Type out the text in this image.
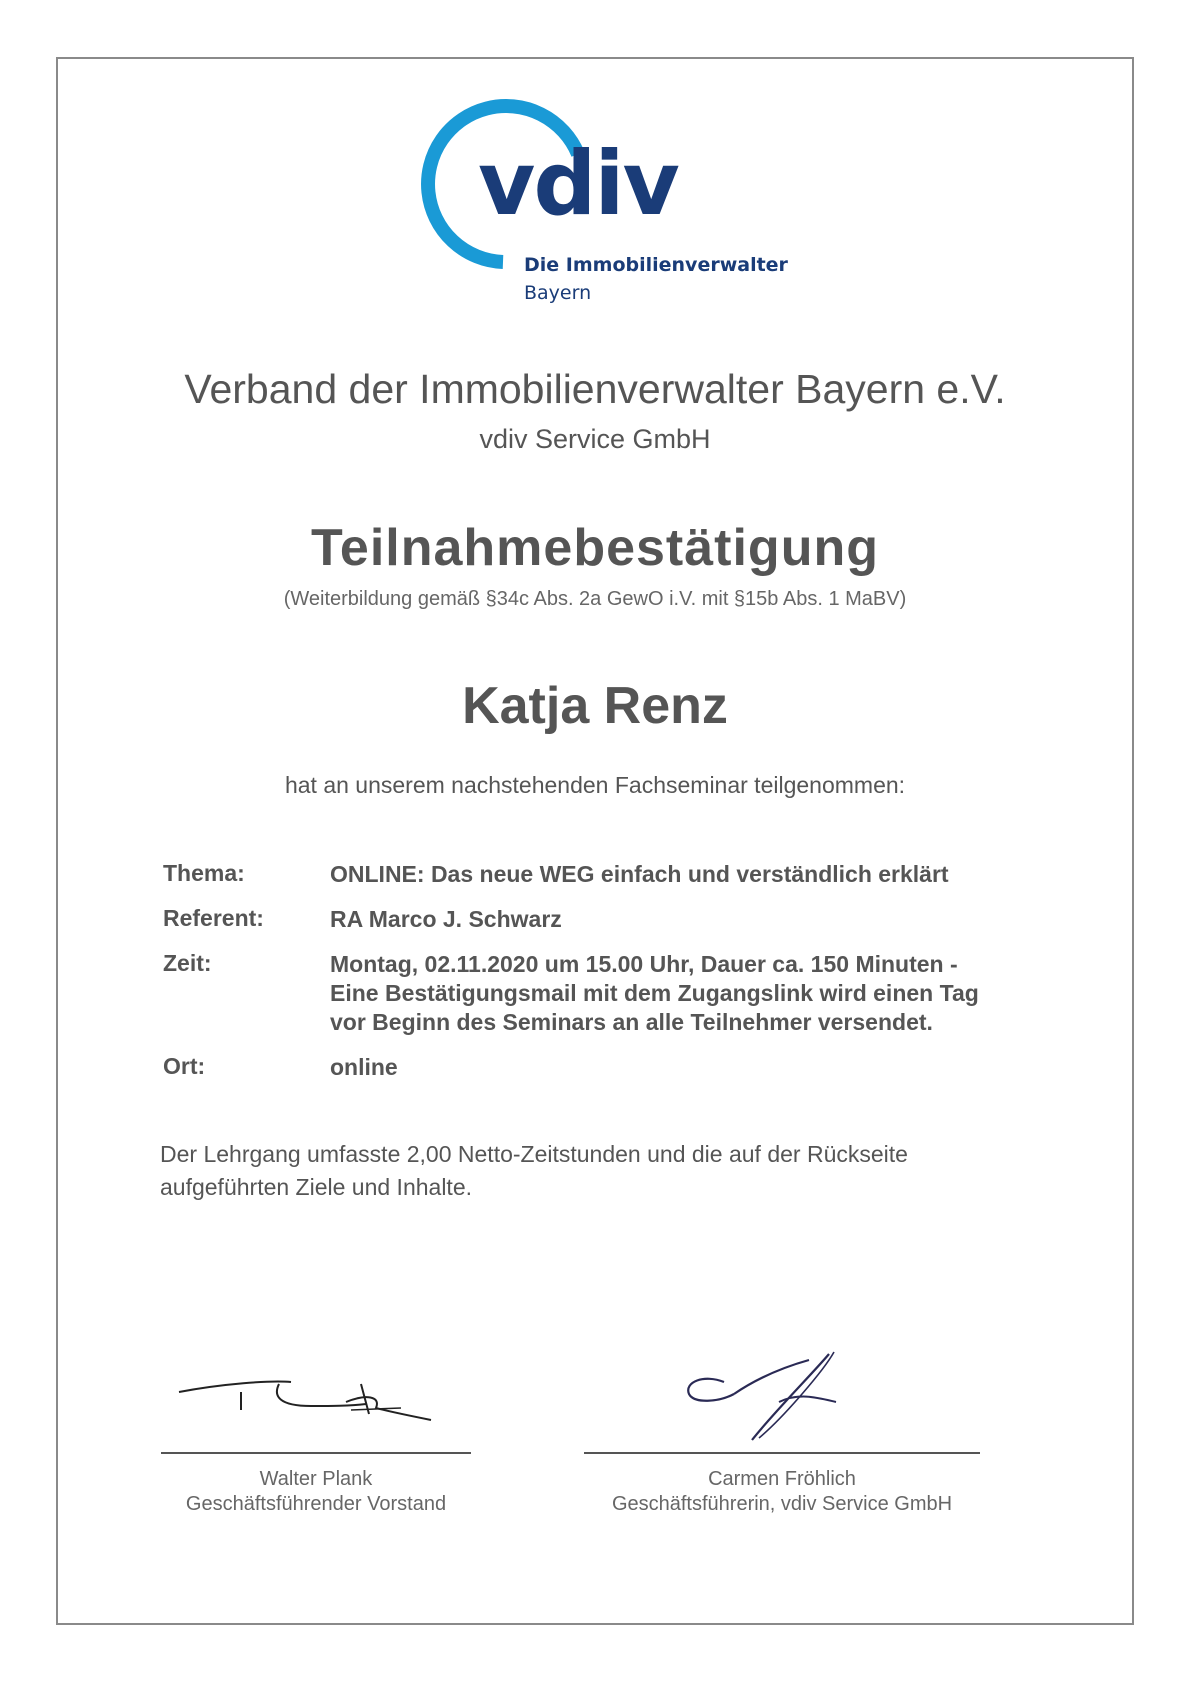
vdiv
Die Immobilienverwalter
Bayern
Verband der Immobilienverwalter Bayern e.V.
vdiv Service GmbH
Teilnahmebestätigung
(Weiterbildung gemäß §34c Abs. 2a GewO i.V. mit §15b Abs. 1 MaBV)
Katja Renz
hat an unserem nachstehenden Fachseminar teilgenommen:
Thema:	ONLINE: Das neue WEG einfach und verständlich erklärt
Referent:	RA Marco J. Schwarz
Zeit:	Montag, 02.11.2020 um 15.00 Uhr, Dauer ca. 150 Minuten -
Eine Bestätigungsmail mit dem Zugangslink wird einen Tag
vor Beginn des Seminars an alle Teilnehmer versendet.
Ort:	online
Der Lehrgang umfasste 2,00 Netto-Zeitstunden und die auf der Rückseite
aufgeführten Ziele und Inhalte.
Walter Plank
Geschäftsführender Vorstand
Carmen Fröhlich
Geschäftsführerin, vdiv Service GmbH
